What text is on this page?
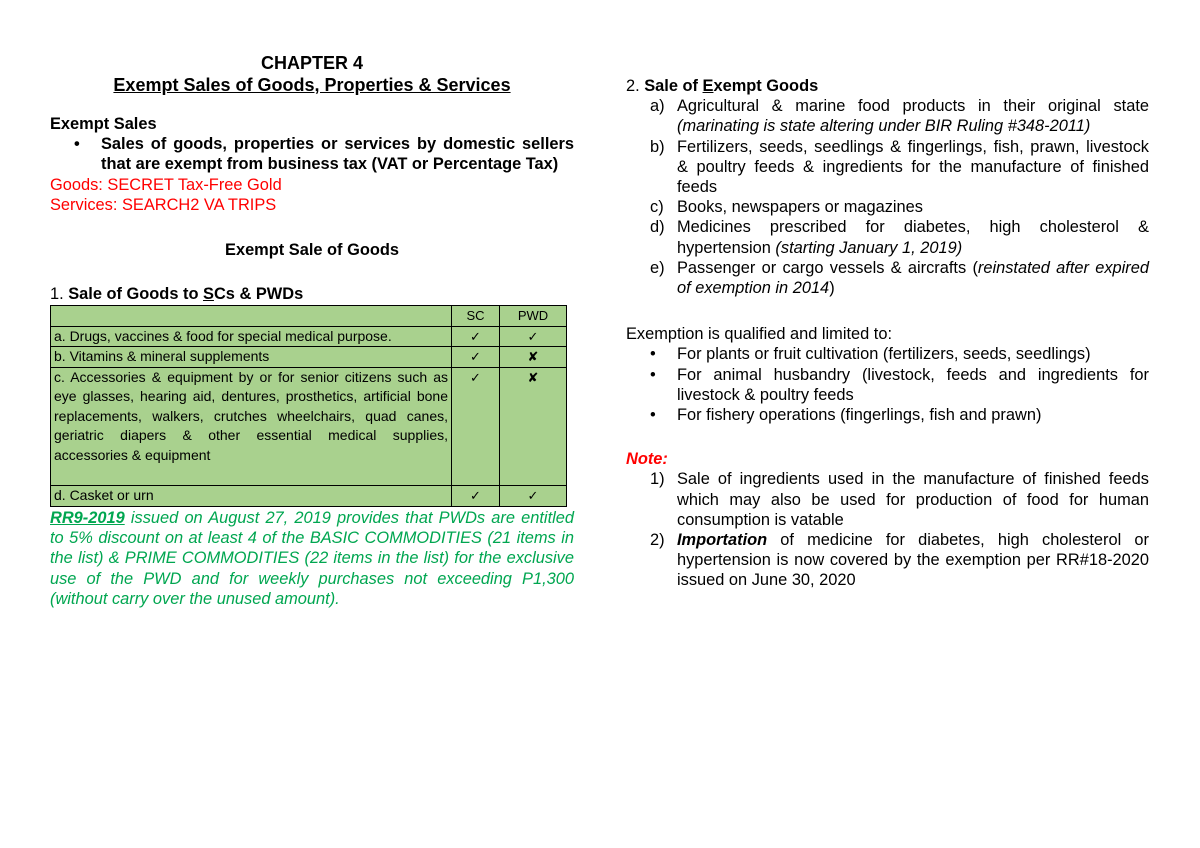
CHAPTER 4

Exempt Sales of Goods, Properties & Services

Exempt Sales

•	Sales of goods, properties or services by domestic sellers that are exempt from business tax (VAT or Percentage Tax)

Goods: SECRET Tax-Free Gold

Services: SEARCH2 VA TRIPS

Exempt Sale of Goods

1. Sale of Goods to SCs & PWDs

	SC	PWD
a. Drugs, vaccines & food for special medical purpose.	✓	✓
b. Vitamins & mineral supplements	✓	✘
c. Accessories & equipment by or for senior citizens such as eye glasses, hearing aid, dentures, prosthetics, artificial bone replacements, walkers, crutches wheelchairs, quad canes, geriatric diapers & other essential medical supplies, accessories & equipment	✓	✘
d. Casket or urn	✓	✓

RR9-2019 issued on August 27, 2019 provides that PWDs are entitled to 5% discount on at least 4 of the BASIC COMMODITIES (21 items in the list) & PRIME COMMODITIES (22 items in the list) for the exclusive use of the PWD and for weekly purchases not exceeding P1,300 (without carry over the unused amount).

2. Sale of Exempt Goods

a) Agricultural & marine food products in their original state (marinating is state altering under BIR Ruling #348-2011)
b) Fertilizers, seeds, seedlings & fingerlings, fish, prawn, livestock & poultry feeds & ingredients for the manufacture of finished feeds
c) Books, newspapers or magazines
d) Medicines prescribed for diabetes, high cholesterol & hypertension (starting January 1, 2019)
e) Passenger or cargo vessels & aircrafts (reinstated after expired of exemption in 2014)

Exemption is qualified and limited to:

•	For plants or fruit cultivation (fertilizers, seeds, seedlings)
•	For animal husbandry (livestock, feeds and ingredients for livestock & poultry feeds
•	For fishery operations (fingerlings, fish and prawn)

Note:

1) Sale of ingredients used in the manufacture of finished feeds which may also be used for production of food for human consumption is vatable
2) Importation of medicine for diabetes, high cholesterol or hypertension is now covered by the exemption per RR#18-2020 issued on June 30, 2020
